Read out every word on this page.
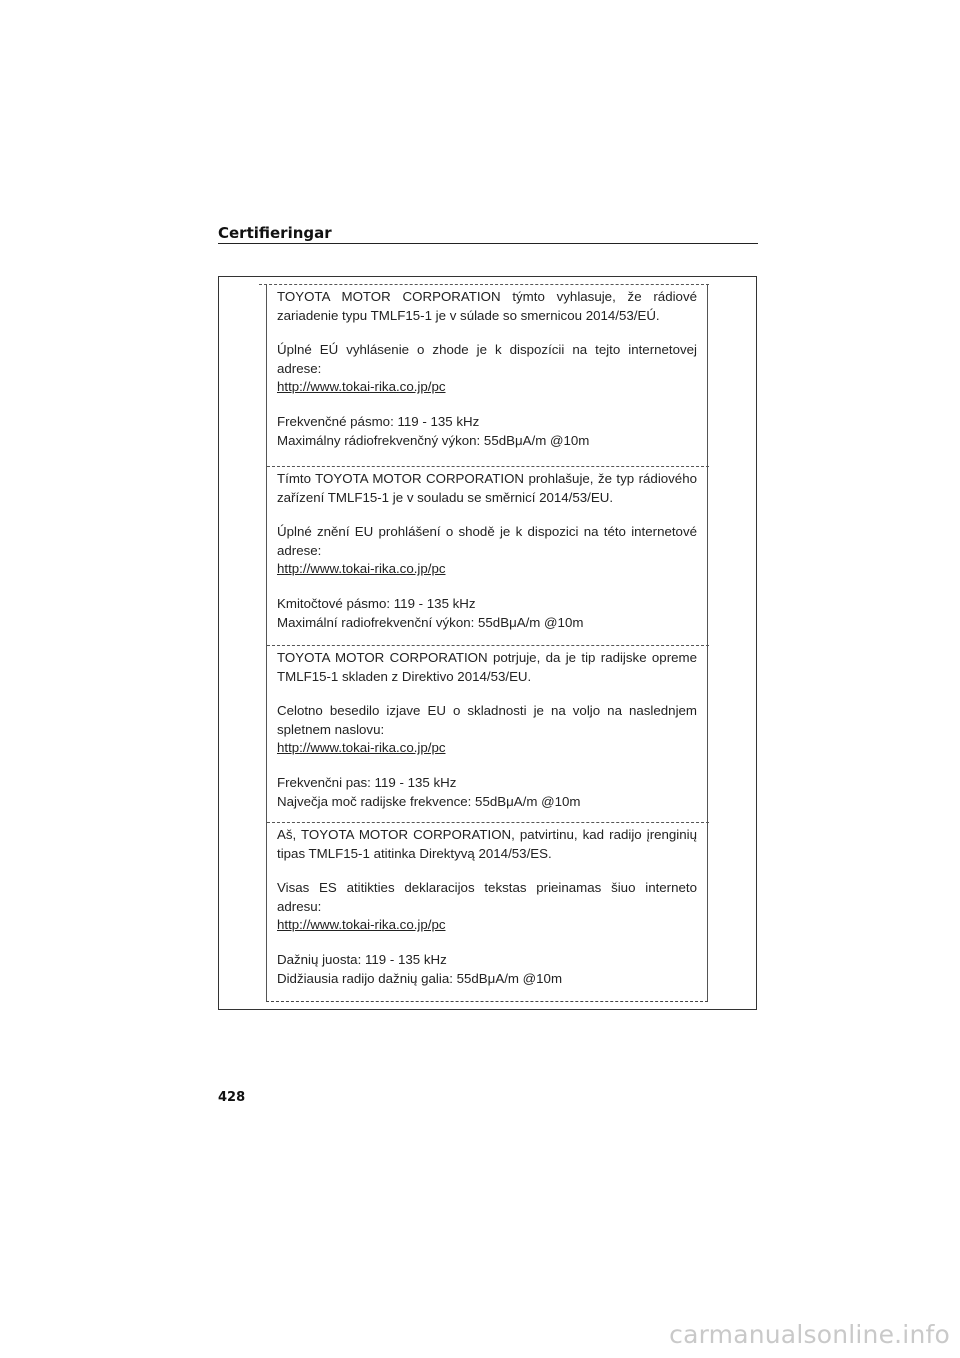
Certifieringar

TOYOTA MOTOR CORPORATION týmto vyhlasuje, že rádiové zariadenie typu TMLF15-1 je v súlade so smernicou 2014/53/EÚ.

Úplné EÚ vyhlásenie o zhode je k dispozícii na tejto internetovej adrese:

http://www.tokai-rika.co.jp/pc

Frekvenčné pásmo: 119 - 135 kHz

Maximálny rádiofrekvenčný výkon: 55dBμA/m @10m

Tímto TOYOTA MOTOR CORPORATION prohlašuje, že typ rádiového zařízení TMLF15-1 je v souladu se směrnicí 2014/53/EU.

Úplné znění EU prohlášení o shodě je k dispozici na této internetové adrese:

http://www.tokai-rika.co.jp/pc

Kmitočtové pásmo: 119 - 135 kHz

Maximální radiofrekvenční výkon: 55dBμA/m @10m

TOYOTA MOTOR CORPORATION potrjuje, da je tip radijske opreme TMLF15-1 skladen z Direktivo 2014/53/EU.

Celotno besedilo izjave EU o skladnosti je na voljo na naslednjem spletnem naslovu:

http://www.tokai-rika.co.jp/pc

Frekvenčni pas: 119 - 135 kHz

Največja moč radijske frekvence: 55dBμA/m @10m

Aš, TOYOTA MOTOR CORPORATION, patvirtinu, kad radijo įrenginių tipas TMLF15-1 atitinka Direktyvą 2014/53/ES.

Visas ES atitikties deklaracijos tekstas prieinamas šiuo interneto adresu:

http://www.tokai-rika.co.jp/pc

Dažnių juosta: 119 - 135 kHz

Didžiausia radijo dažnių galia: 55dBμA/m @10m

428
carmanualsonline.info
